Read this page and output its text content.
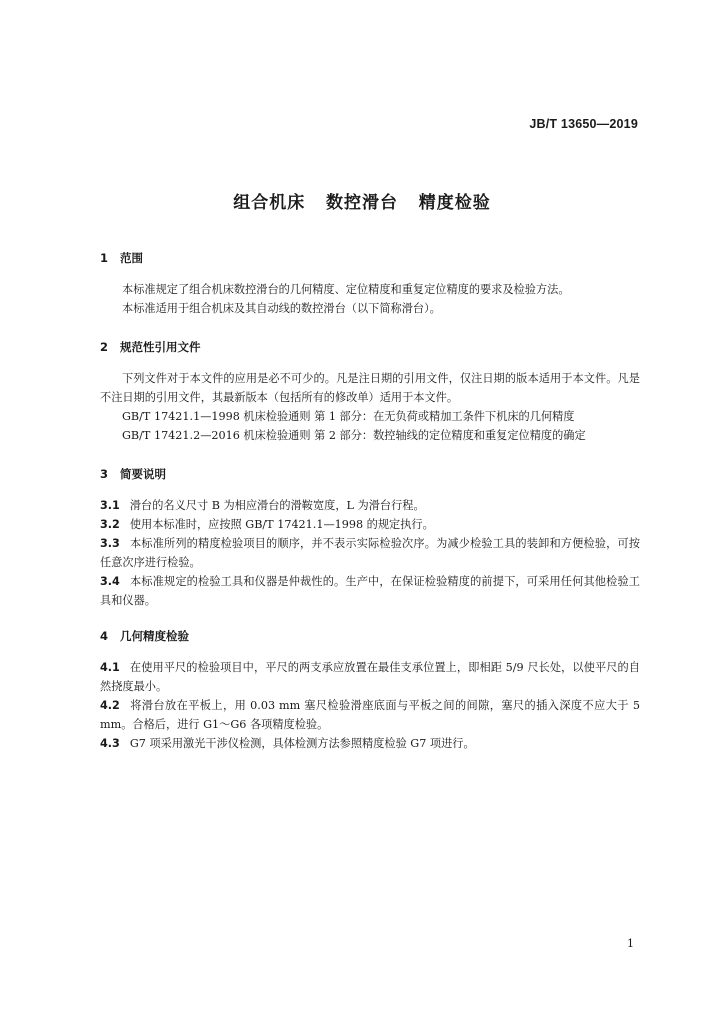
JB/T 13650—2019
组合机床   数控滑台   精度检验
1 范围
本标准规定了组合机床数控滑台的几何精度、定位精度和重复定位精度的要求及检验方法。
本标准适用于组合机床及其自动线的数控滑台（以下简称滑台）。
2 规范性引用文件
下列文件对于本文件的应用是必不可少的。凡是注日期的引用文件，仅注日期的版本适用于本文件。凡是不注日期的引用文件，其最新版本（包括所有的修改单）适用于本文件。
GB/T 17421.1—1998 机床检验通则 第 1 部分：在无负荷或精加工条件下机床的几何精度
GB/T 17421.2—2016 机床检验通则 第 2 部分：数控轴线的定位精度和重复定位精度的确定
3 简要说明
3.1 滑台的名义尺寸 B 为相应滑台的滑鞍宽度，L 为滑台行程。
3.2 使用本标准时，应按照 GB/T 17421.1—1998 的规定执行。
3.3 本标准所列的精度检验项目的顺序，并不表示实际检验次序。为减少检验工具的装卸和方便检验，可按任意次序进行检验。
3.4 本标准规定的检验工具和仪器是仲裁性的。生产中，在保证检验精度的前提下，可采用任何其他检验工具和仪器。
4 几何精度检验
4.1 在使用平尺的检验项目中，平尺的两支承应放置在最佳支承位置上，即相距 5/9 尺长处，以使平尺的自然挠度最小。
4.2 将滑台放在平板上，用 0.03 mm 塞尺检验滑座底面与平板之间的间隙，塞尺的插入深度不应大于 5 mm。合格后，进行 G1～G6 各项精度检验。
4.3 G7 项采用激光干涉仪检测，具体检测方法参照精度检验 G7 项进行。
1
